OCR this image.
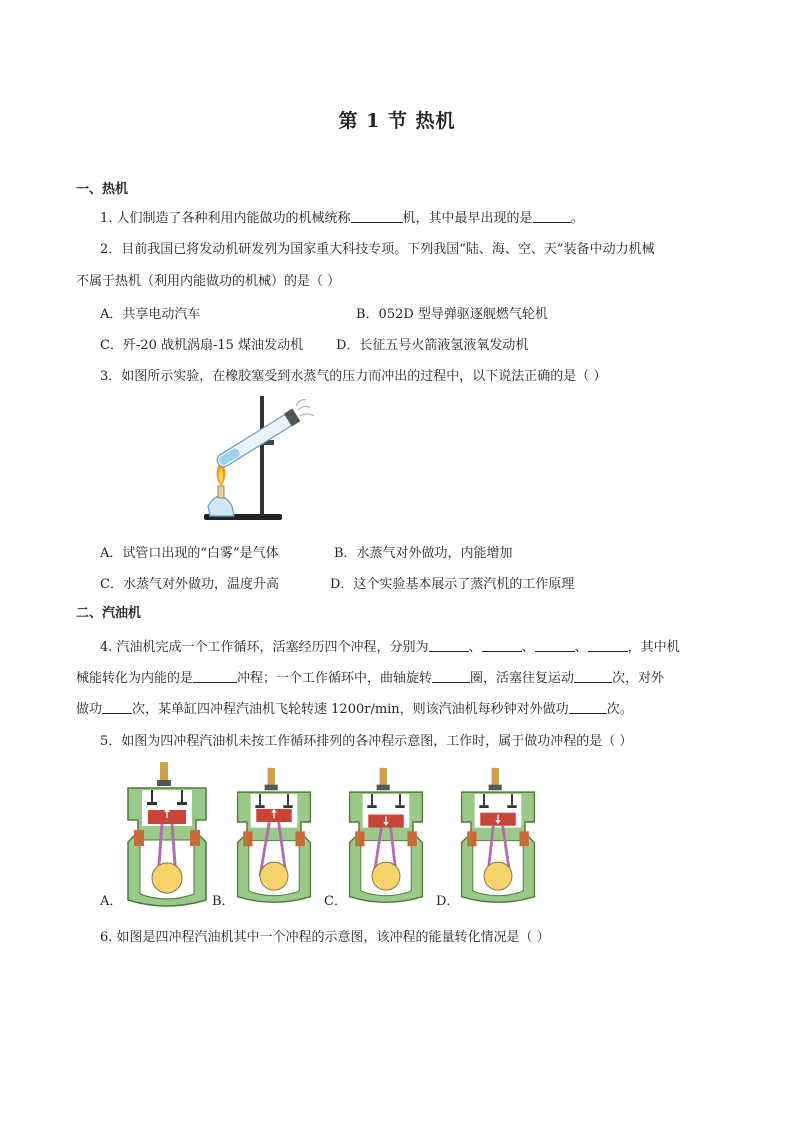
第 1 节 热机
一、热机
1. 人们制造了各种利用内能做功的机械统称	机，其中最早出现的是	。
2．目前我国已将发动机研发列为国家重大科技专项。下列我国“陆、海、空、天”装备中动力机械
不属于热机（利用内能做功的机械）的是（ ）
A．共享电动汽车	B．052D 型导弹驱逐舰燃气轮机
C．歼-20 战机涡扇-15 煤油发动机	D．长征五号火箭液氢液氧发动机
3．如图所示实验，在橡胶塞受到水蒸气的压力而冲出的过程中，以下说法正确的是（ ）
A．试管口出现的“白雾”是气体	B．水蒸气对外做功，内能增加
C．水蒸气对外做功，温度升高	D．这个实验基本展示了蒸汽机的工作原理
二、汽油机
4. 汽油机完成一个工作循环，活塞经历四个冲程，分别为	、	、	、	，其中机
械能转化为内能的是	冲程；一个工作循环中，曲轴旋转	圈，活塞往复运动	次，对外
做功 次，某单缸四冲程汽油机飞轮转速 1200r/min，则该汽油机每秒钟对外做功	次。
5．如图为四冲程汽油机未按工作循环排列的各冲程示意图，工作时，属于做功冲程的是（ ）
A．	B．	C．	D．
6. 如图是四冲程汽油机其中一个冲程的示意图，该冲程的能量转化情况是（ ）
